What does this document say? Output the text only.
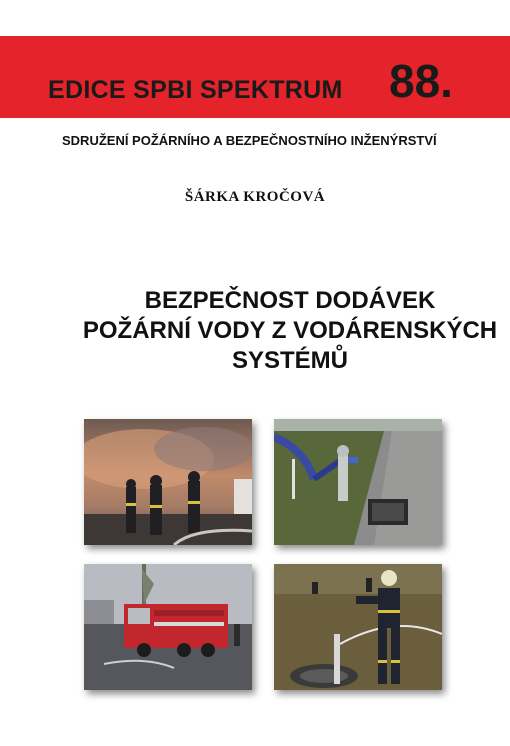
EDICE SPBI SPEKTRUM 88.
SDRUŽENÍ POŽÁRNÍHO A BEZPEČNOSTNÍHO INŽENÝRSTVÍ
ŠÁRKA KROČOVÁ
BEZPEČNOST DODÁVEK
POŽÁRNÍ VODY Z VODÁRENSKÝCH
SYSTÉMŮ
